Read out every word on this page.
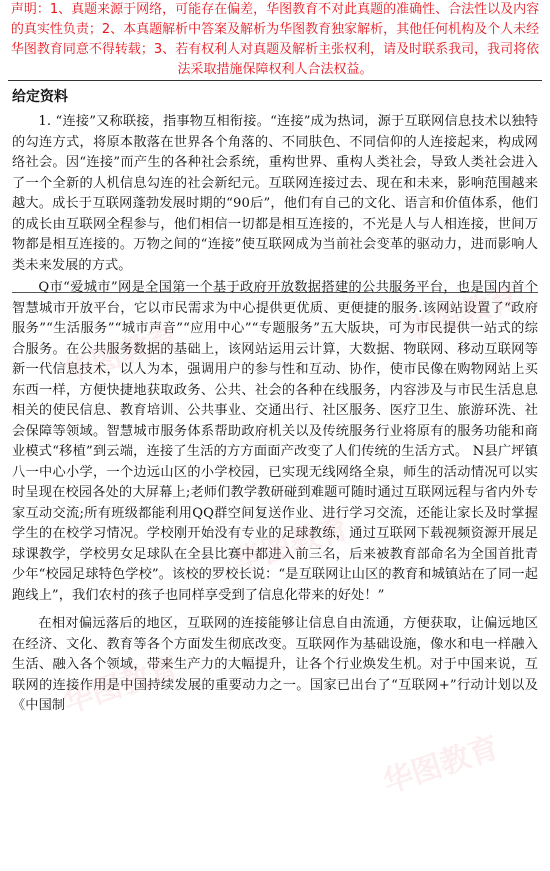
声明：1、真题来源于网络，可能存在偏差，华图教育不对此真题的准确性、合法性以及内容的真实性负责；2、本真题解析中答案及解析为华图教育独家解析，其他任何机构及个人未经华图教育同意不得转载；3、若有权利人对真题及解析主张权利，请及时联系我司，我司将依法采取措施保障权利人合法权益。
给定资料

1. “连接”又称联接，指事物互相衔接。“连接”成为热词，源于互联网信息技术以独特的勾连方式，将原本散落在世界各个角落的、不同肤色、不同信仰的人连接起来，构成网络社会。因“连接”而产生的各种社会系统，重构世界、重构人类社会，导致人类社会进入了一个全新的人机信息勾连的社会新纪元。互联网连接过去、现在和未来，影响范围越来越大。成长于互联网蓬勃发展时期的“90后”，他们有自己的文化、语言和价值体系，他们的成长由互联网全程参与，他们相信一切都是相互连接的，不光是人与人相连接，世间万物都是相互连接的。万物之间的“连接”使互联网成为当前社会变革的驱动力，进而影响人类未来发展的方式。

Q市“爱城市”网是全国第一个基于政府开放数据搭建的公共服务平台，也是国内首个智慧城市开放平台，它以市民需求为中心提供更优质、更便捷的服务.该网站设置了“政府服务”“生活服务”“城市声音”“应用中心”“专题服务”五大版块，可为市民提供一站式的综合服务。在公共服务数据的基础上，该网站运用云计算，大数据、物联网、移动互联网等新一代信息技术，以人为本，强调用户的参与性和互动、协作，使市民像在购物网站上买东西一样，方便快捷地获取政务、公共、社会的各种在线服务，内容涉及与市民生活息息相关的使民信息、教育培训、公共事业、交通出行、社区服务、医疗卫生、旅游环洗、社会保障等领域。智慧城市服务体系帮助政府机关以及传统服务行业将原有的服务功能和商业模式“移植”到云端，连接了生活的方方面面产改变了人们传统的生活方式。 N县广坪镇八一中心小学，一个边远山区的小学校园，已实现无线网络全泉，师生的活动情况可以实时呈现在校园各处的大屏幕上;老师们教学教研碰到难题可随时通过互联网远程与省内外专家互动交流;所有班级都能利用QQ群空间复送作业、进行学习交流，还能让家长及时掌握学生的在校学习情况。学校刚开始没有专业的足球教练，通过互联网下载视频资源开展足球课教学，学校男女足球队在全县比赛中都进入前三名，后来被教育部命名为全国首批青少年“校园足球特色学校”。该校的罗校长说：“是互联网让山区的教育和城镇站在了同一起跑线上”，我们农村的孩子也同样享受到了信息化带来的好处！”

在相对偏远落后的地区，互联网的连接能够让信息自由流通，方便获取，让偏远地区在经济、文化、教育等各个方面发生彻底改变。互联网作为基础设施，像水和电一样融入生活、融入各个领域，带来生产力的大幅提升，让各个行业焕发生机。对于中国来说，互联网的连接作用是中国持续发展的重要动力之一。国家已出台了“互联网+”行动计划以及《中国制

华图教育
华图教育
华图教育
华图教育
华图教育
